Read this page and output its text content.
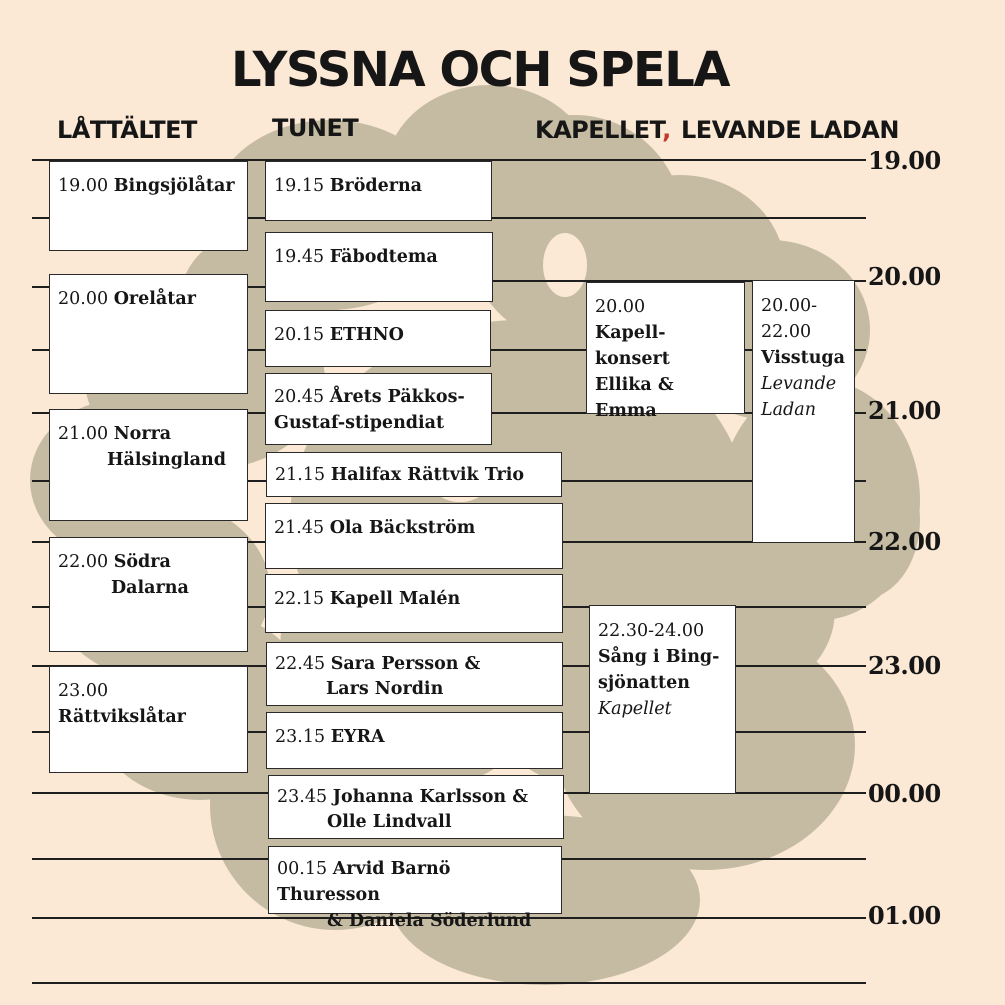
LYSSNA OCH SPELA
LÅTTÄLTET	TUNET	KAPELLET, LEVANDE LADAN
19.00
20.00
21.00
22.00
23.00
00.00
01.00
19.00 Bingsjölåtar
20.00 Orelåtar
21.00 Norra
Hälsingland
22.00 Södra
Dalarna
23.00 Rättvikslåtar
19.15 Bröderna
19.45 Fäbodtema
20.15 ETHNO
20.45 Årets Päkkos-
Gustaf-stipendiat
21.15 Halifax Rättvik Trio
21.45 Ola Bäckström
22.15 Kapell Malén
22.45 Sara Persson &
Lars Nordin
23.15 EYRA
23.45 Johanna Karlsson &
Olle Lindvall
00.15 Arvid Barnö Thuresson
& Daniela Söderlund
20.00
Kapell-
konsert
Ellika & Emma
22.30-24.00
Sång i Bing-
sjönatten
Kapellet
20.00-
22.00
Visstuga
Levande
Ladan
